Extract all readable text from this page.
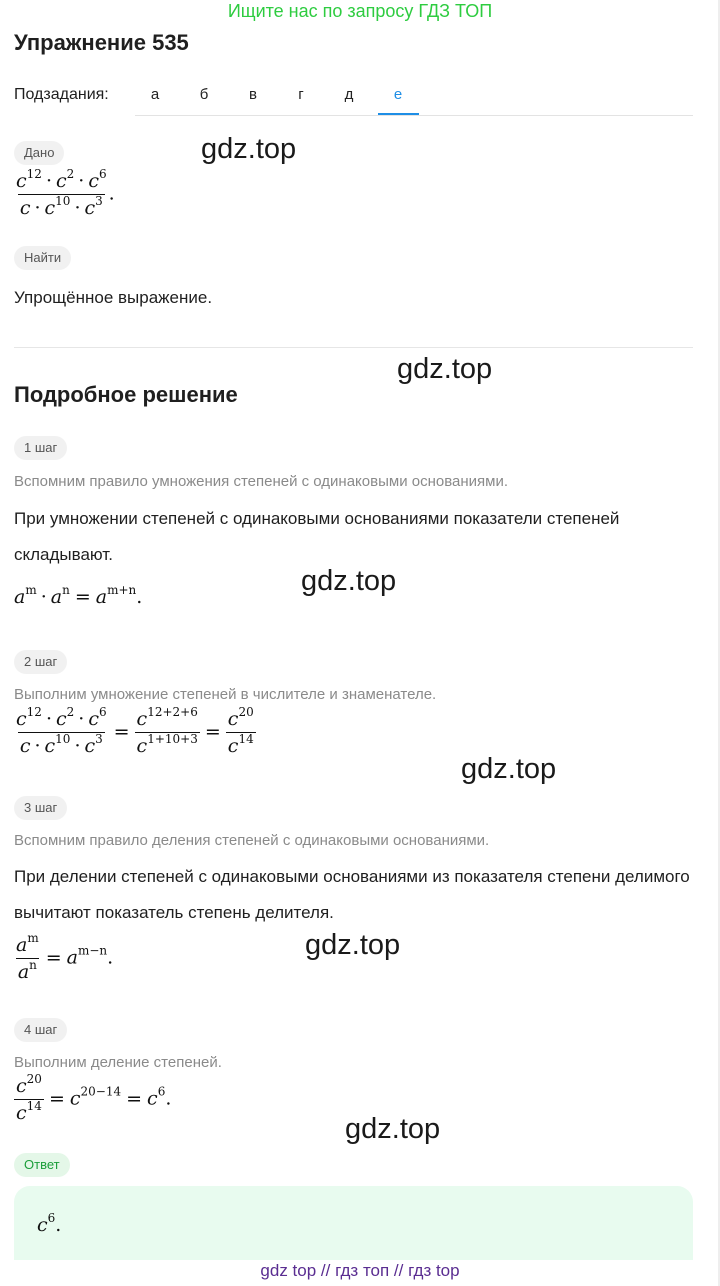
Ищите нас по запросу ГДЗ ТОП
Упражнение 535
Подзадания:	а	б	в	г	д	е
Дано	gdz.top
$\frac{c^{12} \cdot c^2 \cdot c^6}{c \cdot c^{10} \cdot c^3}$ .
Найти
Упрощённое выражение.
gdz.top
Подробное решение
1 шаг
Вспомним правило умножения степеней с одинаковыми основаниями.
При умножении степеней с одинаковыми основаниями показатели степеней складывают.
gdz.top
$a^m \cdot a^n = a^{m+n}$.
2 шаг
Выполним умножение степеней в числителе и знаменателе.
$\frac{c^{12} \cdot c^2 \cdot c^6}{c \cdot c^{10} \cdot c^3} = \frac{c^{12+2+6}}{c^{1+10+3}} = \frac{c^{20}}{c^{14}}$
gdz.top
3 шаг
Вспомним правило деления степеней с одинаковыми основаниями.
При делении степеней с одинаковыми основаниями из показателя степени делимого вычитают показатель степень делителя.
gdz.top
$\frac{a^m}{a^n} = a^{m-n}$.
4 шаг
Выполним деление степеней.
$\frac{c^{20}}{c^{14}} = c^{20-14} = c^6$.
gdz.top
Ответ
$c^6$.
gdz top // гдз топ // гдз top
